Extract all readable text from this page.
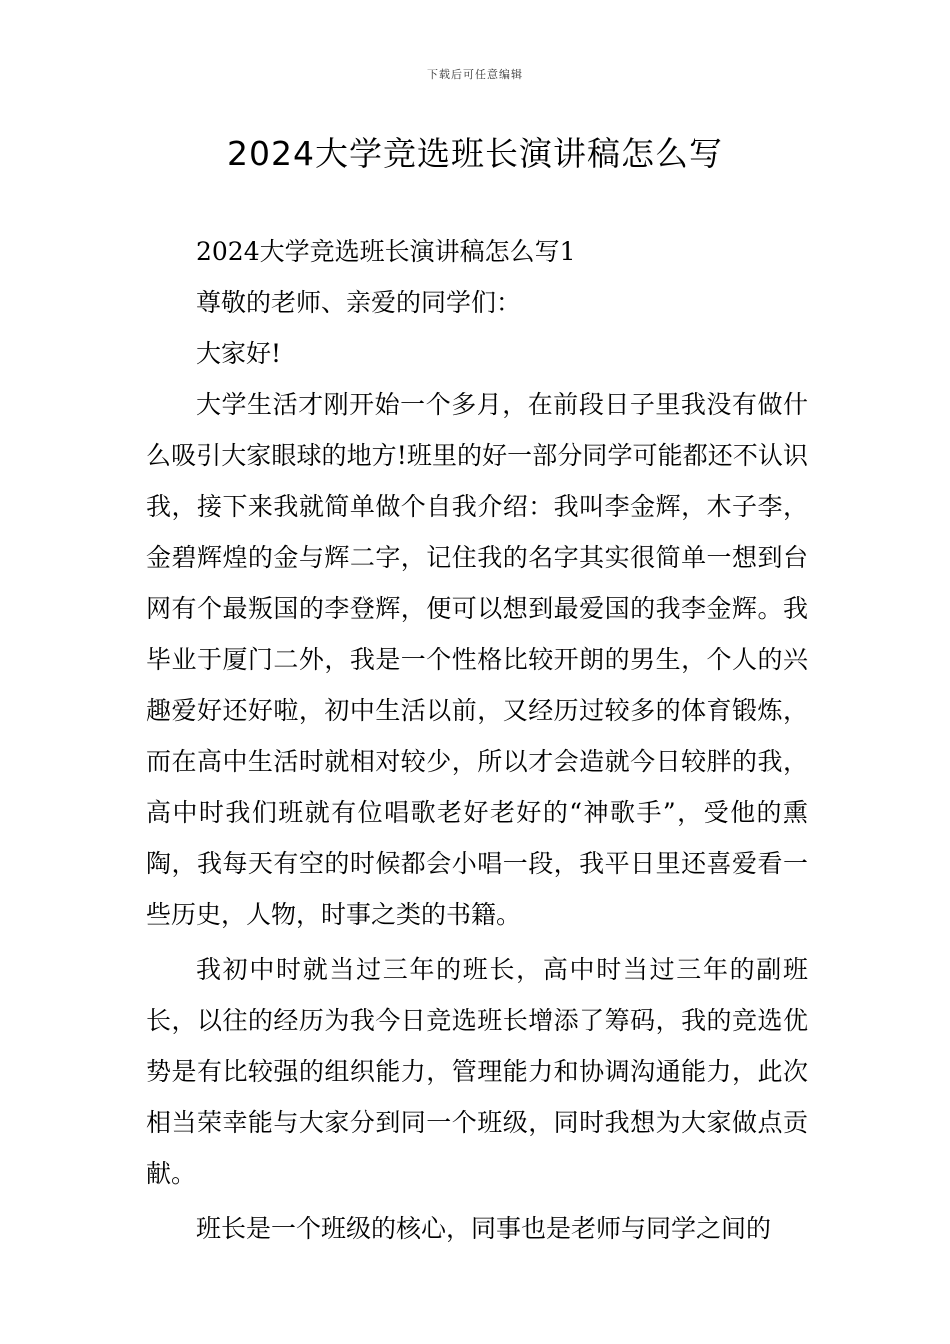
下载后可任意编辑
2024大学竞选班长演讲稿怎么写

2024大学竞选班长演讲稿怎么写1

尊敬的老师、亲爱的同学们：

大家好!

大学生活才刚开始一个多月，在前段日子里我没有做什么吸引大家眼球的地方!班里的好一部分同学可能都还不认识我，接下来我就简单做个自我介绍：我叫李金辉，木子李，金碧辉煌的金与辉二字，记住我的名字其实很简单一想到台网有个最叛国的李登辉，便可以想到最爱国的我李金辉。我毕业于厦门二外，我是一个性格比较开朗的男生，个人的兴趣爱好还好啦，初中生活以前，又经历过较多的体育锻炼，而在高中生活时就相对较少，所以才会造就今日较胖的我，高中时我们班就有位唱歌老好老好的“神歌手”，受他的熏陶，我每天有空的时候都会小唱一段，我平日里还喜爱看一些历史，人物，时事之类的书籍。

我初中时就当过三年的班长，高中时当过三年的副班长，以往的经历为我今日竞选班长增添了筹码，我的竞选优势是有比较强的组织能力，管理能力和协调沟通能力，此次相当荣幸能与大家分到同一个班级，同时我想为大家做点贡献。

班长是一个班级的核心，同事也是老师与同学之间的
